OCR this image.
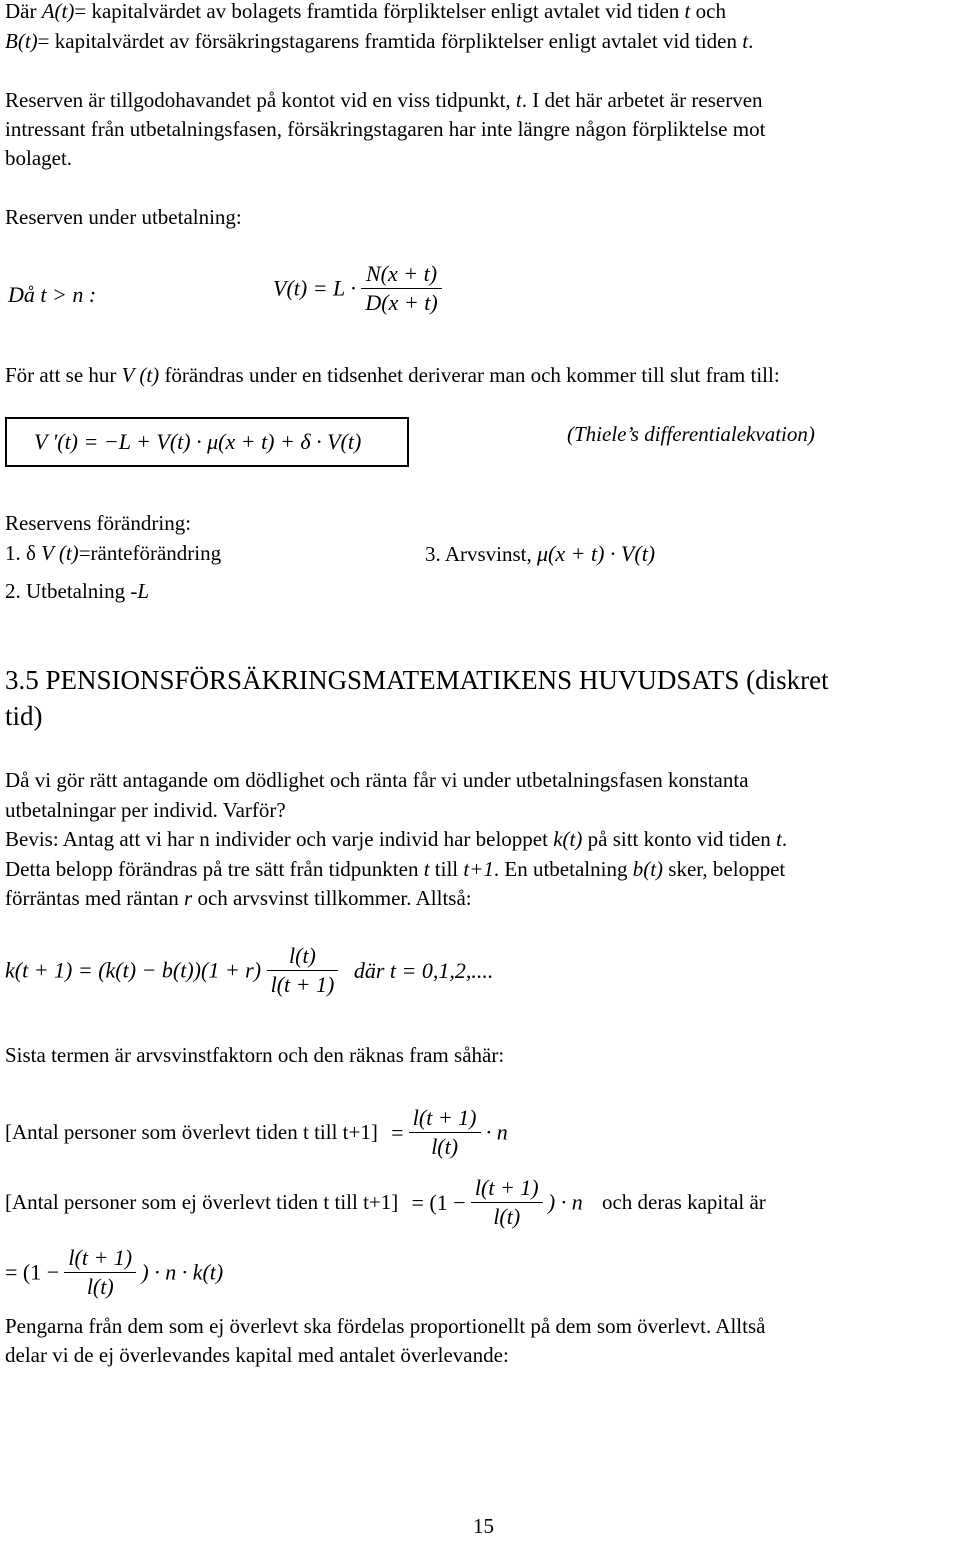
Där A(t)= kapitalvärdet av bolagets framtida förpliktelser enligt avtalet vid tiden t och
B(t)= kapitalvärdet av försäkringstagarens framtida förpliktelser enligt avtalet vid tiden t.
Reserven är tillgodohavandet på kontot vid en viss tidpunkt, t. I det här arbetet är reserven
intressant från utbetalningsfasen, försäkringstagaren har inte längre någon förpliktelse mot
bolaget.
Reserven under utbetalning:
Då t > n :	$V(t) = L \cdot \frac{N(x + t)}{D(x + t)}$
För att se hur V (t) förändras under en tidsenhet deriverar man och kommer till slut fram till:
V '(t) = −L + V(t) · μ(x + t) + δ · V(t)	(Thiele’s differentialekvation)
Reservens förändring:
1. δ V (t)=ränteförändring	3. Arvsvinst, μ(x + t) · V(t)
2. Utbetalning -L
3.5 PENSIONSFÖRSÄKRINGSMATEMATIKENS HUVUDSATS (diskret
tid)
Då vi gör rätt antagande om dödlighet och ränta får vi under utbetalningsfasen konstanta
utbetalningar per individ. Varför?
Bevis: Antag att vi har n individer och varje individ har beloppet k(t) på sitt konto vid tiden t.
Detta belopp förändras på tre sätt från tidpunkten t till t+1. En utbetalning b(t) sker, beloppet
förräntas med räntan r och arvsvinst tillkommer. Alltså:
$k(t + 1) = (k(t) - b(t))(1 + r) \frac{l(t)}{l(t + 1)}$ där t = 0,1,2,....
Sista termen är arvsvinstfaktorn och den räknas fram såhär:
[Antal personer som överlevt tiden t till $t+1] = \frac{l(t + 1)}{l(t)} \cdot n$
[Antal personer som ej överlevt tiden t till $t+1] = (1 - \frac{l(t + 1)}{l(t)}$ ) · n och deras kapital är
= ($1 - \frac{l(t + 1)}{l(t)}$ ) · n · k(t)
Pengarna från dem som ej överlevt ska fördelas proportionellt på dem som överlevt. Alltså
delar vi de ej överlevandes kapital med antalet överlevande:
15
